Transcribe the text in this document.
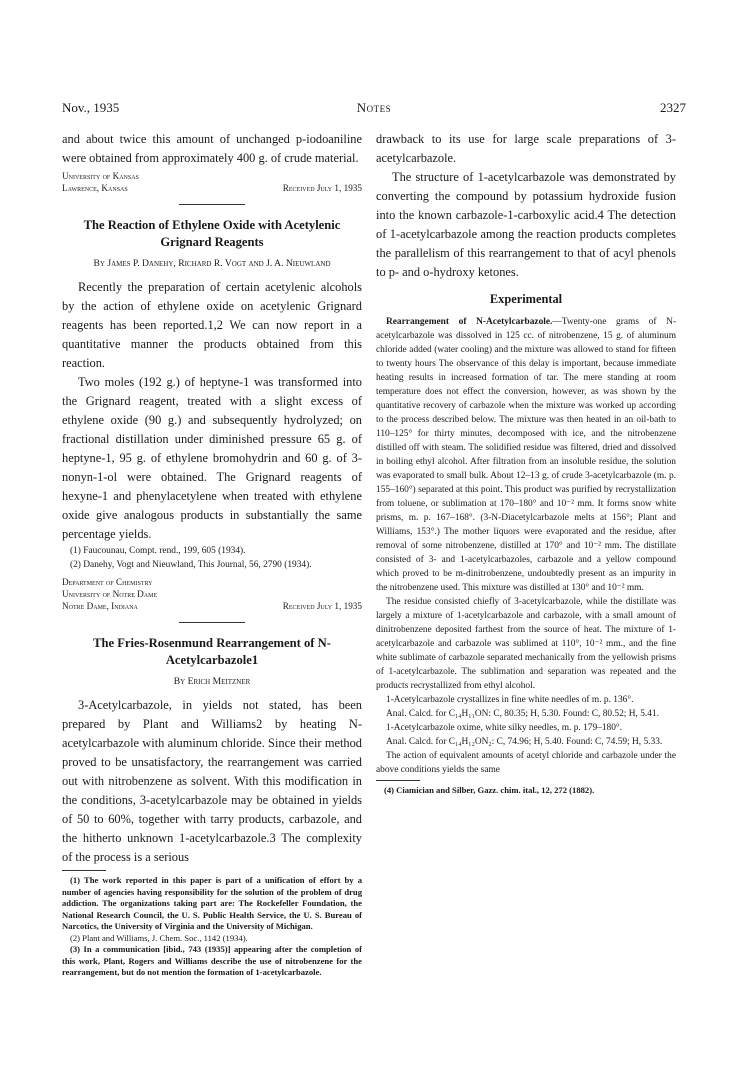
Nov., 1935	Notes	2327

and about twice this amount of unchanged p-iodoaniline were obtained from approximately 400 g. of crude material.

University of Kansas

Lawrence, Kansas	Received July 1, 1935

The Reaction of Ethylene Oxide with Acetylenic Grignard Reagents

By James P. Danehy, Richard R. Vogt and J. A. Nieuwland

Recently the preparation of certain acetylenic alcohols by the action of ethylene oxide on acetylenic Grignard reagents has been reported.1,2 We can now report in a quantitative manner the products obtained from this reaction.

Two moles (192 g.) of heptyne-1 was transformed into the Grignard reagent, treated with a slight excess of ethylene oxide (90 g.) and subsequently hydrolyzed; on fractional distillation under diminished pressure 65 g. of heptyne-1, 95 g. of ethylene bromohydrin and 60 g. of 3-nonyn-1-ol were obtained. The Grignard reagents of hexyne-1 and phenylacetylene when treated with ethylene oxide give analogous products in substantially the same percentage yields.

(1) Faucounau, Compt. rend., 199, 605 (1934).

(2) Danehy, Vogt and Nieuwland, This Journal, 56, 2790 (1934).

Department of Chemistry

University of Notre Dame

Notre Dame, Indiana	Received July 1, 1935

The Fries-Rosenmund Rearrangement of N-Acetylcarbazole1

By Erich Meitzner

3-Acetylcarbazole, in yields not stated, has been prepared by Plant and Williams2 by heating N-acetylcarbazole with aluminum chloride. Since their method proved to be unsatisfactory, the rearrangement was carried out with nitrobenzene as solvent. With this modification in the conditions, 3-acetylcarbazole may be obtained in yields of 50 to 60%, together with tarry products, carbazole, and the hitherto unknown 1-acetylcarbazole.3 The complexity of the process is a serious

(1) The work reported in this paper is part of a unification of effort by a number of agencies having responsibility for the solution of the problem of drug addiction. The organizations taking part are: The Rockefeller Foundation, the National Research Council, the U. S. Public Health Service, the U. S. Bureau of Narcotics, the University of Virginia and the University of Michigan.

(2) Plant and Williams, J. Chem. Soc., 1142 (1934).

(3) In a communication [ibid., 743 (1935)] appearing after the completion of this work, Plant, Rogers and Williams describe the use of nitrobenzene for the rearrangement, but do not mention the formation of 1-acetylcarbazole.

drawback to its use for large scale preparations of 3-acetylcarbazole.

The structure of 1-acetylcarbazole was demonstrated by converting the compound by potassium hydroxide fusion into the known carbazole-1-carboxylic acid.4 The detection of 1-acetylcarbazole among the reaction products completes the parallelism of this rearrangement to that of acyl phenols to p- and o-hydroxy ketones.

Experimental

Rearrangement of N-Acetylcarbazole.—Twenty-one grams of N-acetylcarbazole was dissolved in 125 cc. of nitrobenzene, 15 g. of aluminum chloride added (water cooling) and the mixture was allowed to stand for fifteen to twenty hours The observance of this delay is important, because immediate heating results in increased formation of tar. The mere standing at room temperature does not effect the conversion, however, as was shown by the quantitative recovery of carbazole when the mixture was worked up according to the process described below. The mixture was then heated in an oil-bath to 110–125° for thirty minutes, decomposed with ice, and the nitrobenzene distilled off with steam. The solidified residue was filtered, dried and dissolved in boiling ethyl alcohol. After filtration from an insoluble residue, the solution was evaporated to small bulk. About 12–13 g. of crude 3-acetylcarbazole (m. p. 155–160°) separated at this point. This product was purified by recrystallization from toluene, or sublimation at 170–180° and 10⁻² mm. It forms snow white prisms, m. p. 167–168°. (3-N-Diacetylcarbazole melts at 156°; Plant and Williams, 153°.) The mother liquors were evaporated and the residue, after removal of some nitrobenzene, distilled at 170° and 10⁻² mm. The distillate consisted of 3- and 1-acetylcarbazoles, carbazole and a yellow compound which proved to be m-dinitrobenzene, undoubtedly present as an impurity in the nitrobenzene used. This mixture was distilled at 130° and 10⁻² mm.

The residue consisted chiefly of 3-acetylcarbazole, while the distillate was largely a mixture of 1-acetylcarbazole and carbazole, with a small amount of dinitrobenzene deposited farthest from the source of heat. The mixture of 1-acetylcarbazole and carbazole was sublimed at 110°, 10⁻² mm., and the fine white sublimate of carbazole separated mechanically from the yellowish prisms of 1-acetylcarbazole. The sublimation and separation was repeated and the products recrystallized from ethyl alcohol.

1-Acetylcarbazole crystallizes in fine white needles of m. p. 136°.

Anal. Calcd. for C₁₄H₁₁ON: C, 80.35; H, 5.30. Found: C, 80.52; H, 5.41.

1-Acetylcarbazole oxime, white silky needles, m. p. 179–180°.

Anal. Calcd. for C₁₄H₁₂ON₂: C, 74.96; H, 5.40. Found: C, 74.59; H, 5.33.

The action of equivalent amounts of acetyl chloride and carbazole under the above conditions yields the same

(4) Ciamician and Silber, Gazz. chim. ital., 12, 272 (1882).
